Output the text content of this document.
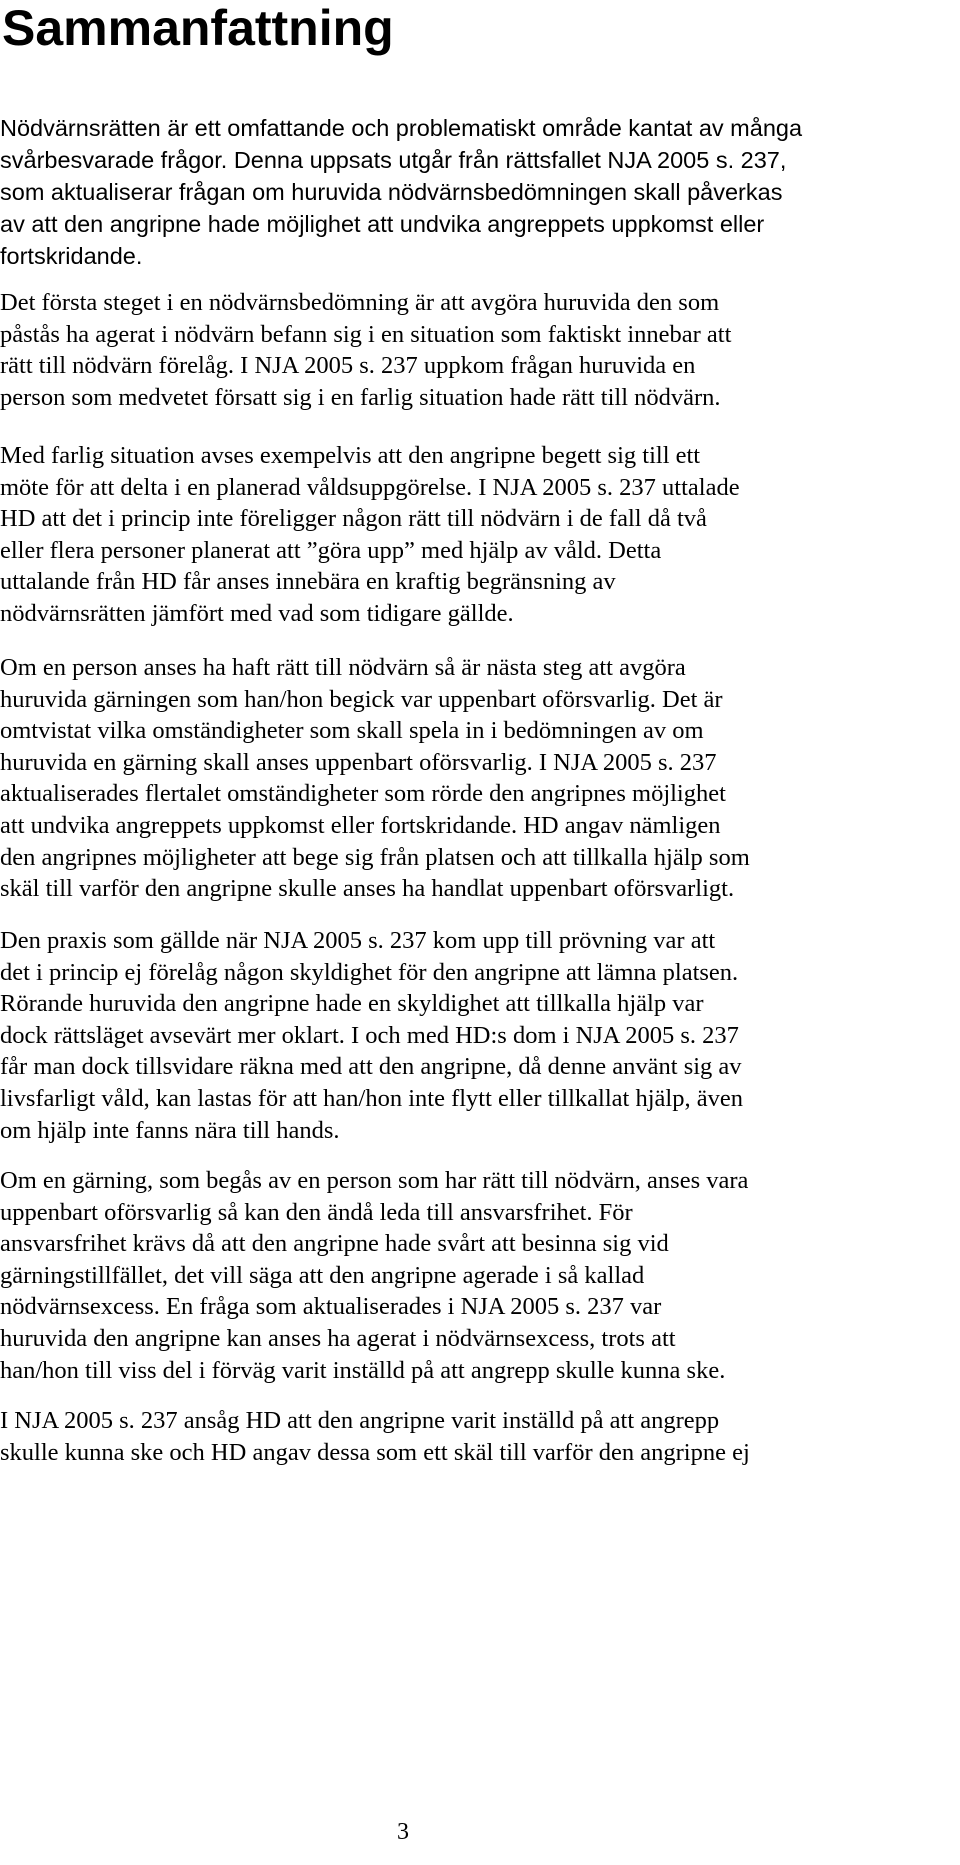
Sammanfattning

Nödvärnsrätten är ett omfattande och problematiskt område kantat av många
svårbesvarade frågor. Denna uppsats utgår från rättsfallet NJA 2005 s. 237,
som aktualiserar frågan om huruvida nödvärnsbedömningen skall påverkas
av att den angripne hade möjlighet att undvika angreppets uppkomst eller
fortskridande.

Det första steget i en nödvärnsbedömning är att avgöra huruvida den som
påstås ha agerat i nödvärn befann sig i en situation som faktiskt innebar att
rätt till nödvärn förelåg. I NJA 2005 s. 237 uppkom frågan huruvida en
person som medvetet försatt sig i en farlig situation hade rätt till nödvärn.

Med farlig situation avses exempelvis att den angripne begett sig till ett
möte för att delta i en planerad våldsuppgörelse. I NJA 2005 s. 237 uttalade
HD att det i princip inte föreligger någon rätt till nödvärn i de fall då två
eller flera personer planerat att ”göra upp” med hjälp av våld. Detta
uttalande från HD får anses innebära en kraftig begränsning av
nödvärnsrätten jämfört med vad som tidigare gällde.

Om en person anses ha haft rätt till nödvärn så är nästa steg att avgöra
huruvida gärningen som han/hon begick var uppenbart oförsvarlig. Det är
omtvistat vilka omständigheter som skall spela in i bedömningen av om
huruvida en gärning skall anses uppenbart oförsvarlig. I NJA 2005 s. 237
aktualiserades flertalet omständigheter som rörde den angripnes möjlighet
att undvika angreppets uppkomst eller fortskridande. HD angav nämligen
den angripnes möjligheter att bege sig från platsen och att tillkalla hjälp som
skäl till varför den angripne skulle anses ha handlat uppenbart oförsvarligt.

Den praxis som gällde när NJA 2005 s. 237 kom upp till prövning var att
det i princip ej förelåg någon skyldighet för den angripne att lämna platsen.
Rörande huruvida den angripne hade en skyldighet att tillkalla hjälp var
dock rättsläget avsevärt mer oklart. I och med HD:s dom i NJA 2005 s. 237
får man dock tillsvidare räkna med att den angripne, då denne använt sig av
livsfarligt våld, kan lastas för att han/hon inte flytt eller tillkallat hjälp, även
om hjälp inte fanns nära till hands.

Om en gärning, som begås av en person som har rätt till nödvärn, anses vara
uppenbart oförsvarlig så kan den ändå leda till ansvarsfrihet. För
ansvarsfrihet krävs då att den angripne hade svårt att besinna sig vid
gärningstillfället, det vill säga att den angripne agerade i så kallad
nödvärnsexcess. En fråga som aktualiserades i NJA 2005 s. 237 var
huruvida den angripne kan anses ha agerat i nödvärnsexcess, trots att
han/hon till viss del i förväg varit inställd på att angrepp skulle kunna ske.

I NJA 2005 s. 237 ansåg HD att den angripne varit inställd på att angrepp
skulle kunna ske och HD angav dessa som ett skäl till varför den angripne ej

3
